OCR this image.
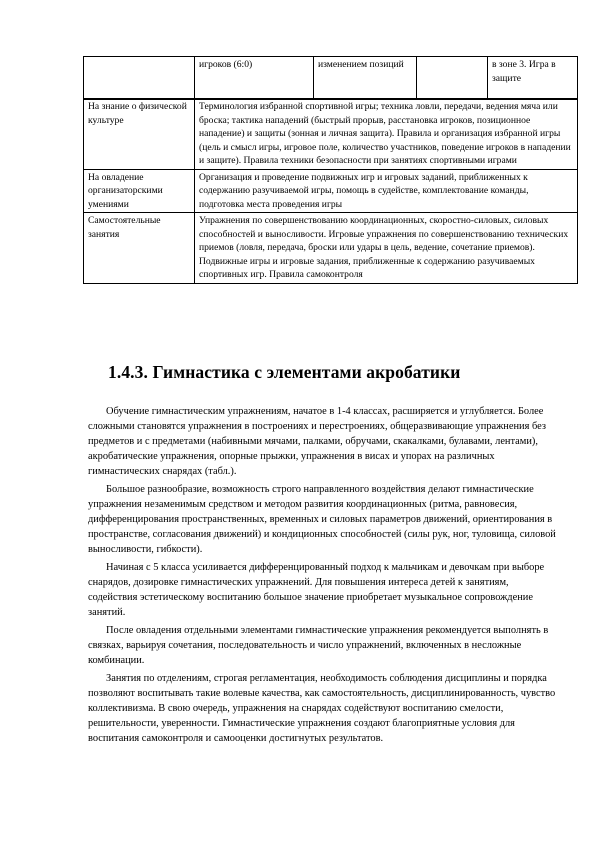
	игроков (6:0)	изменением позиций		в зоне 3. Игра в защите
На знание о физической культуре	Терминология избранной спортивной игры; техника ловли, передачи, ведения мяча или броска; тактика нападений (быстрый прорыв, расстановка игроков, позиционное нападение) и защиты (зонная и личная защита). Правила и организация избранной игры (цель и смысл игры, игровое поле, количество участников, поведение игроков в нападении и защите). Правила техники безопасности при занятиях спортивными играми
На овладение организаторскими умениями	Организация и проведение подвижных игр и игровых заданий, приближенных к содержанию разучиваемой игры, помощь в судействе, комплектование команды, подготовка места проведения игры
Самостоятельные занятия	Упражнения по совершенствованию координационных, скоростно-силовых, силовых способностей и выносливости. Игровые упражнения по совершенствованию технических приемов (ловля, передача, броски или удары в цель, ведение, сочетание приемов). Подвижные игры и игровые задания, приближенные к содержанию разучиваемых спортивных игр. Правила самоконтроля
1.4.3. Гимнастика с элементами акробатики

Обучение гимнастическим упражнениям, начатое в 1-4 классах, расширяется и углубляется. Более сложными становятся упражнения в построениях и перестроениях, общеразвивающие упражнения без предметов и с предметами (набивными мячами, палками, обручами, скакалками, булавами, лентами), акробатические упражнения, опорные прыжки, упражнения в висах и упорах на различных гимнастических снарядах (табл.).

Большое разнообразие, возможность строго направленного воздействия делают гимнастические упражнения незаменимым средством и методом развития координационных (ритма, равновесия, дифференцирования пространственных, временных и силовых параметров движений, ориентирования в пространстве, согласования движений) и кондиционных способностей (силы рук, ног, туловища, силовой выносливости, гибкости).

Начиная с 5 класса усиливается дифференцированный подход к мальчикам и девочкам при выборе снарядов, дозировке гимнастических упражнений. Для повышения интереса детей к занятиям, содействия эстетическому воспитанию большое значение приобретает музыкальное сопровождение занятий.

После овладения отдельными элементами гимнастические упражнения рекомендуется выполнять в связках, варьируя сочетания, последовательность и число упражнений, включенных в несложные комбинации.

Занятия по отделениям, строгая регламентация, необходимость соблюдения дисциплины и порядка позволяют воспитывать такие волевые качества, как самостоятельность, дисциплинированность, чувство коллективизма. В свою очередь, упражнения на снарядах содействуют воспитанию смелости, решительности, уверенности. Гимнастические упражнения создают благоприятные условия для воспитания самоконтроля и самооценки достигнутых результатов.
